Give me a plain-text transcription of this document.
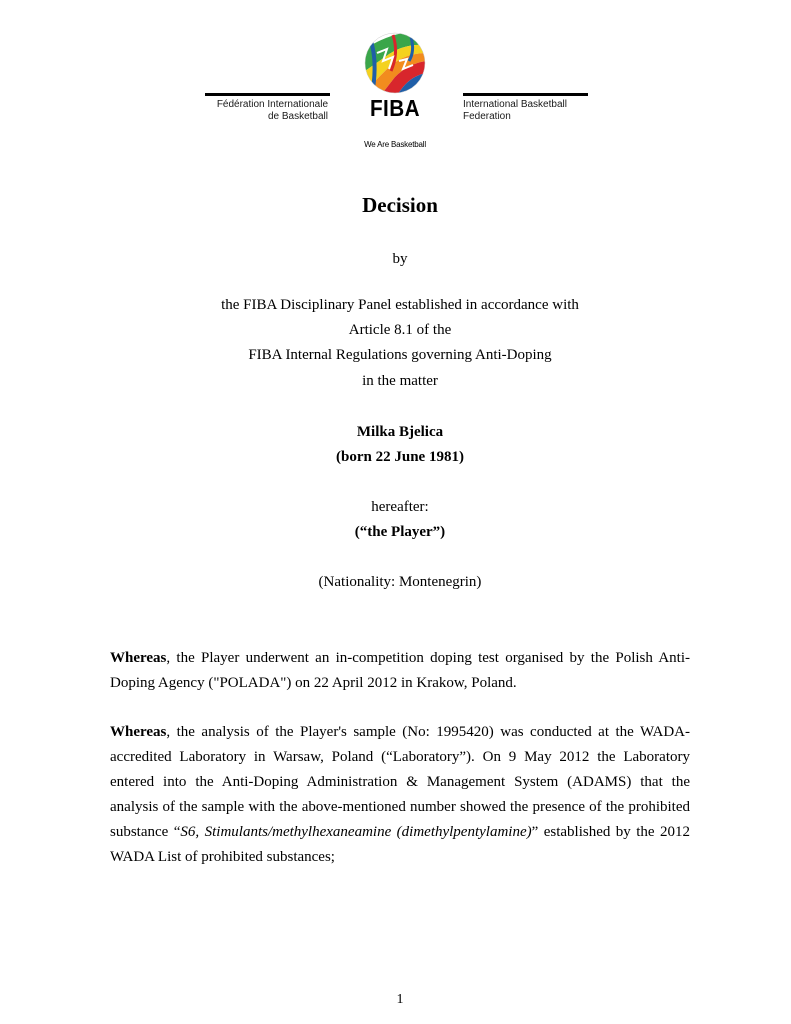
Fédération Internationale
de Basketball
International Basketball
Federation
FIBA
We Are Basketball
Decision
by
the FIBA Disciplinary Panel established in accordance with
Article 8.1 of the
FIBA Internal Regulations governing Anti-Doping
in the matter
Milka Bjelica
(born 22 June 1981)
hereafter:
(“the Player”)
(Nationality: Montenegrin)

Whereas, the Player underwent an in-competition doping test organised by the Polish Anti-Doping Agency ("POLADA") on 22 April 2012 in Krakow, Poland.

Whereas, the analysis of the Player's sample (No: 1995420) was conducted at the WADA-accredited Laboratory in Warsaw, Poland (“Laboratory”). On 9 May 2012 the Laboratory entered into the Anti-Doping Administration & Management System (ADAMS) that the analysis of the sample with the above-mentioned number showed the presence of the prohibited substance “S6, Stimulants/methylhexaneamine (dimethylpentylamine)” established by the 2012 WADA List of prohibited substances;

1
